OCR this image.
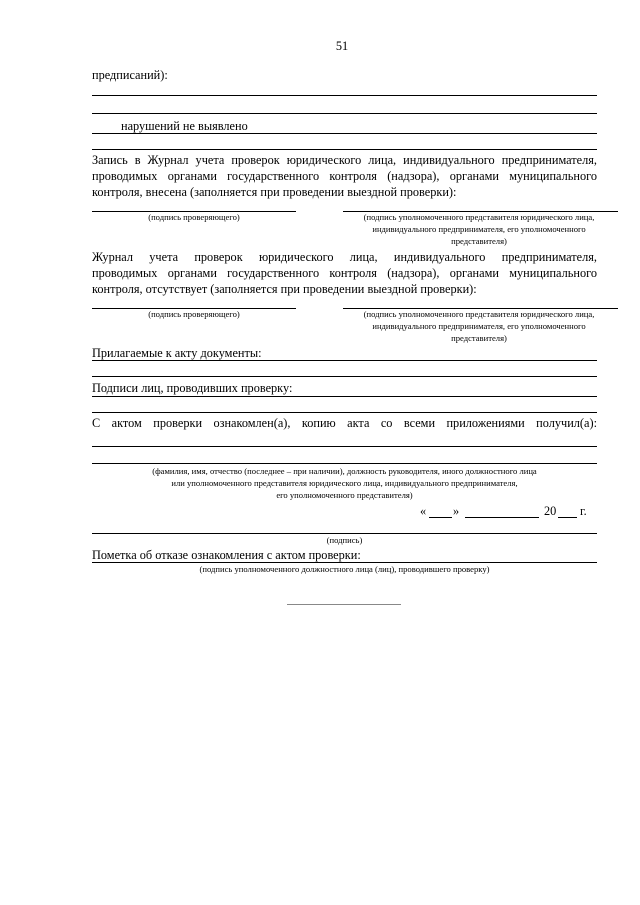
51
предписаний):
нарушений не выявлено
Запись в Журнал учета проверок юридического лица, индивидуального предпринимателя,
проводимых органами государственного контроля (надзора), органами муниципального
контроля, внесена (заполняется при проведении выездной проверки):
(подпись проверяющего)	(подпись уполномоченного представителя юридического лица, индивидуального предпринимателя, его уполномоченного представителя)
Журнал учета проверок юридического лица, индивидуального предпринимателя,
проводимых органами государственного контроля (надзора), органами муниципального
контроля, отсутствует (заполняется при проведении выездной проверки):
(подпись проверяющего)	(подпись уполномоченного представителя юридического лица, индивидуального предпринимателя, его уполномоченного представителя)
Прилагаемые к акту документы:
Подписи лиц, проводивших проверку:
С актом проверки ознакомлен(а), копию акта со всеми приложениями получил(а):
(фамилия, имя, отчество (последнее – при наличии), должность руководителя, иного должностного лица
или уполномоченного представителя юридического лица, индивидуального предпринимателя,
его уполномоченного представителя)
« »	20 г.
(подпись)
Пометка об отказе ознакомления с актом проверки:
(подпись уполномоченного должностного лица (лиц), проводившего проверку)
